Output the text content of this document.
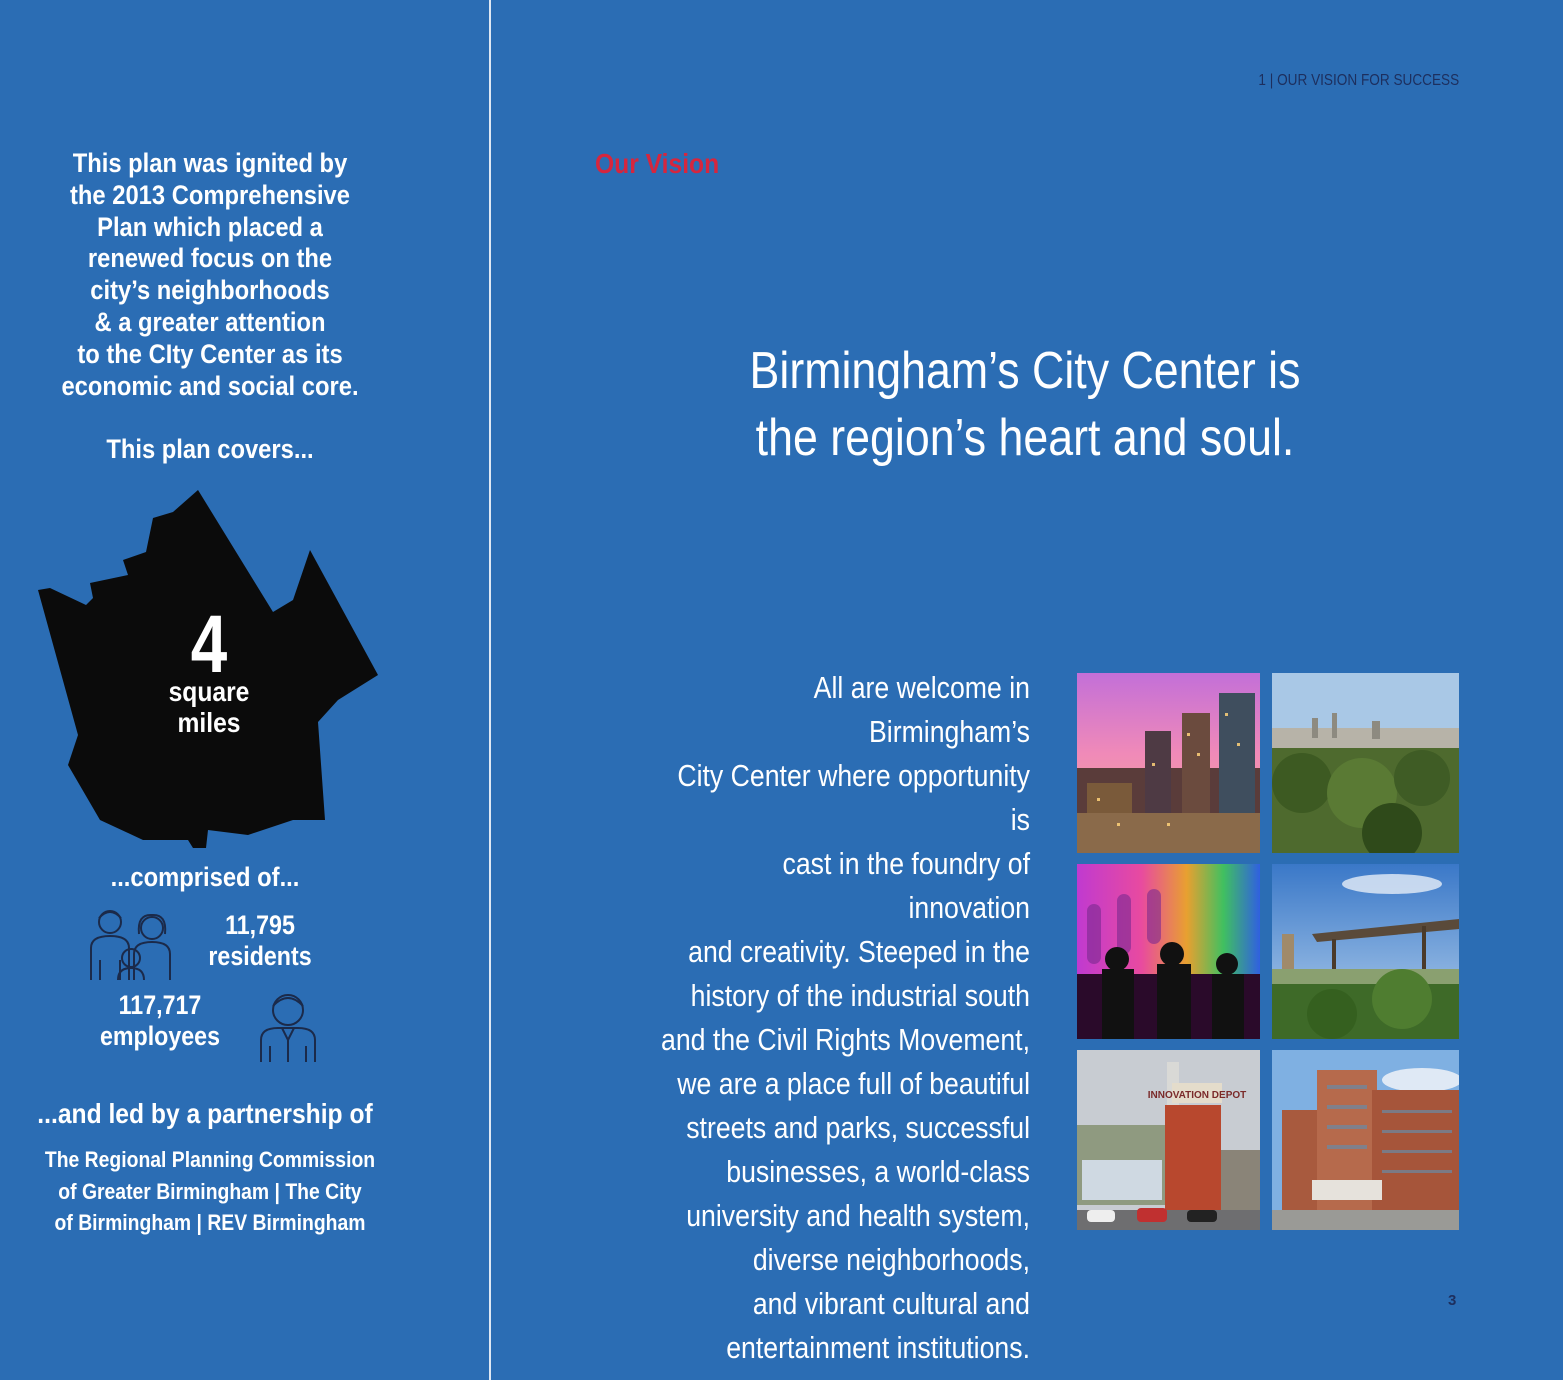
This plan was ignited by
the 2013 Comprehensive
Plan which placed a
renewed focus on the
city’s neighborhoods
& a greater attention
to the CIty Center as its
economic and social core.
This plan covers...
4
square
miles
...comprised of...
11,795
residents
117,717
employees
...and led by a partnership of
The Regional Planning Commission
of Greater Birmingham | The City
of Birmingham | REV Birmingham
1 | OUR VISION FOR SUCCESS
Our Vision
Birmingham’s City Center is
the region’s heart and soul.
All are welcome in Birmingham’s
City Center where opportunity is
cast in the foundry of innovation
and creativity. Steeped in the
history of the industrial south
and the Civil Rights Movement,
we are a place full of beautiful
streets and parks, successful
businesses, a world-class
university and health system,
diverse neighborhoods,
and vibrant cultural and
entertainment institutions.
INNOVATION DEPOT
3
